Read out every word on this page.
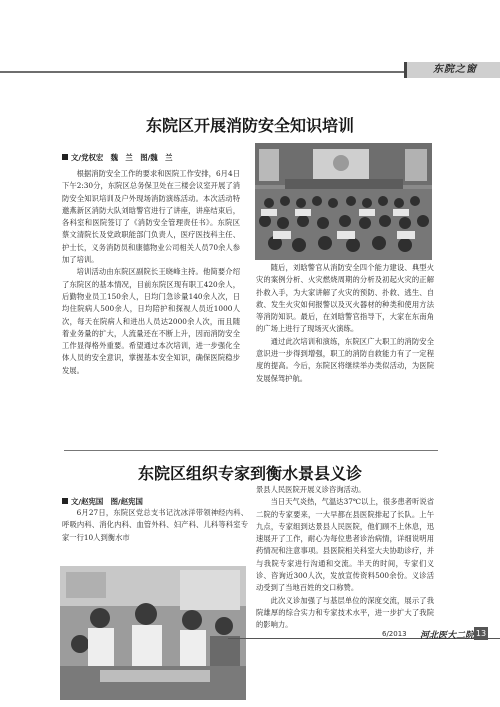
东院之窗
东院区开展消防安全知识培训
文/党权宏　魏　兰　图/魏　兰

根据消防安全工作的要求和医院工作安排，6月4日下午2:30分，东院区总务保卫处在三楼会议室开展了消防安全知识培训及户外现场消防演练活动。本次活动特邀燕新区消防大队刘晗警官进行了讲座，讲座结束后，各科室和医院签订了《消防安全管理责任书》。东院区蔡文清院长及党政职能部门负责人，医疗医技科主任、护士长，义务消防员和康德物业公司相关人员70余人参加了培训。

培训活动由东院区副院长王晓峰主持。他简要介绍了东院区的基本情况，目前东院区现有职工420余人，后勤物业员工150余人，日均门急诊量140余人次，日均住院病人500余人，日均陪护和探视人员近1000人次，每天在院病人和进出人员达2000余人次，而且随着业务量的扩大，人流量还在不断上升，因而消防安全工作显得格外重要。希望通过本次培训，进一步强化全体人员的安全意识，掌握基本安全知识，确保医院稳步发展。

随后，刘晗警官从消防安全四个能力建设、典型火灾的案例分析、火灾燃烧周期的分析及初起火灾的正解扑救入手，为大家讲解了火灾的预防、扑救、逃生、自救、发生火灾如何报警以及灭火器材的种类和使用方法等消防知识。最后，在刘晗警官指导下，大家在东南角的广场上进行了现场灭火演练。

通过此次培训和演练，东院区广大职工的消防安全意识进一步得到增强，职工的消防自救能力有了一定程度的提高。今后，东院区将继续举办类似活动，为医院发展保驾护航。

东院区组织专家到衡水景县义诊
文/赵宪国　图/赵宪国

6月27日，东院区党总支书记沈冰洋带领神经内科、呼吸内科、消化内科、血管外科、妇产科、儿科等科室专家一行10人到衡水市

景县人民医院开展义诊咨询活动。

当日天气炎热，气温达37℃以上，很多患者听说省二院的专家要来，一大早都在县医院排起了长队。上午九点，专家组到达景县人民医院，他们顾不上休息，迅速展开了工作，耐心为每位患者诊治病情，详细说明用药情况和注意事项。县医院相关科室大夫协助诊疗，并与我院专家进行沟通和交流。半天的时间，专家们义诊、咨询近300人次，发放宣传资料500余份。义诊活动受到了当地百姓的交口称赞。

此次义诊加强了与基层单位的深度交流，展示了我院雄厚的综合实力和专家技术水平，进一步扩大了我院的影响力。

6/2013 河北医大二院 13
